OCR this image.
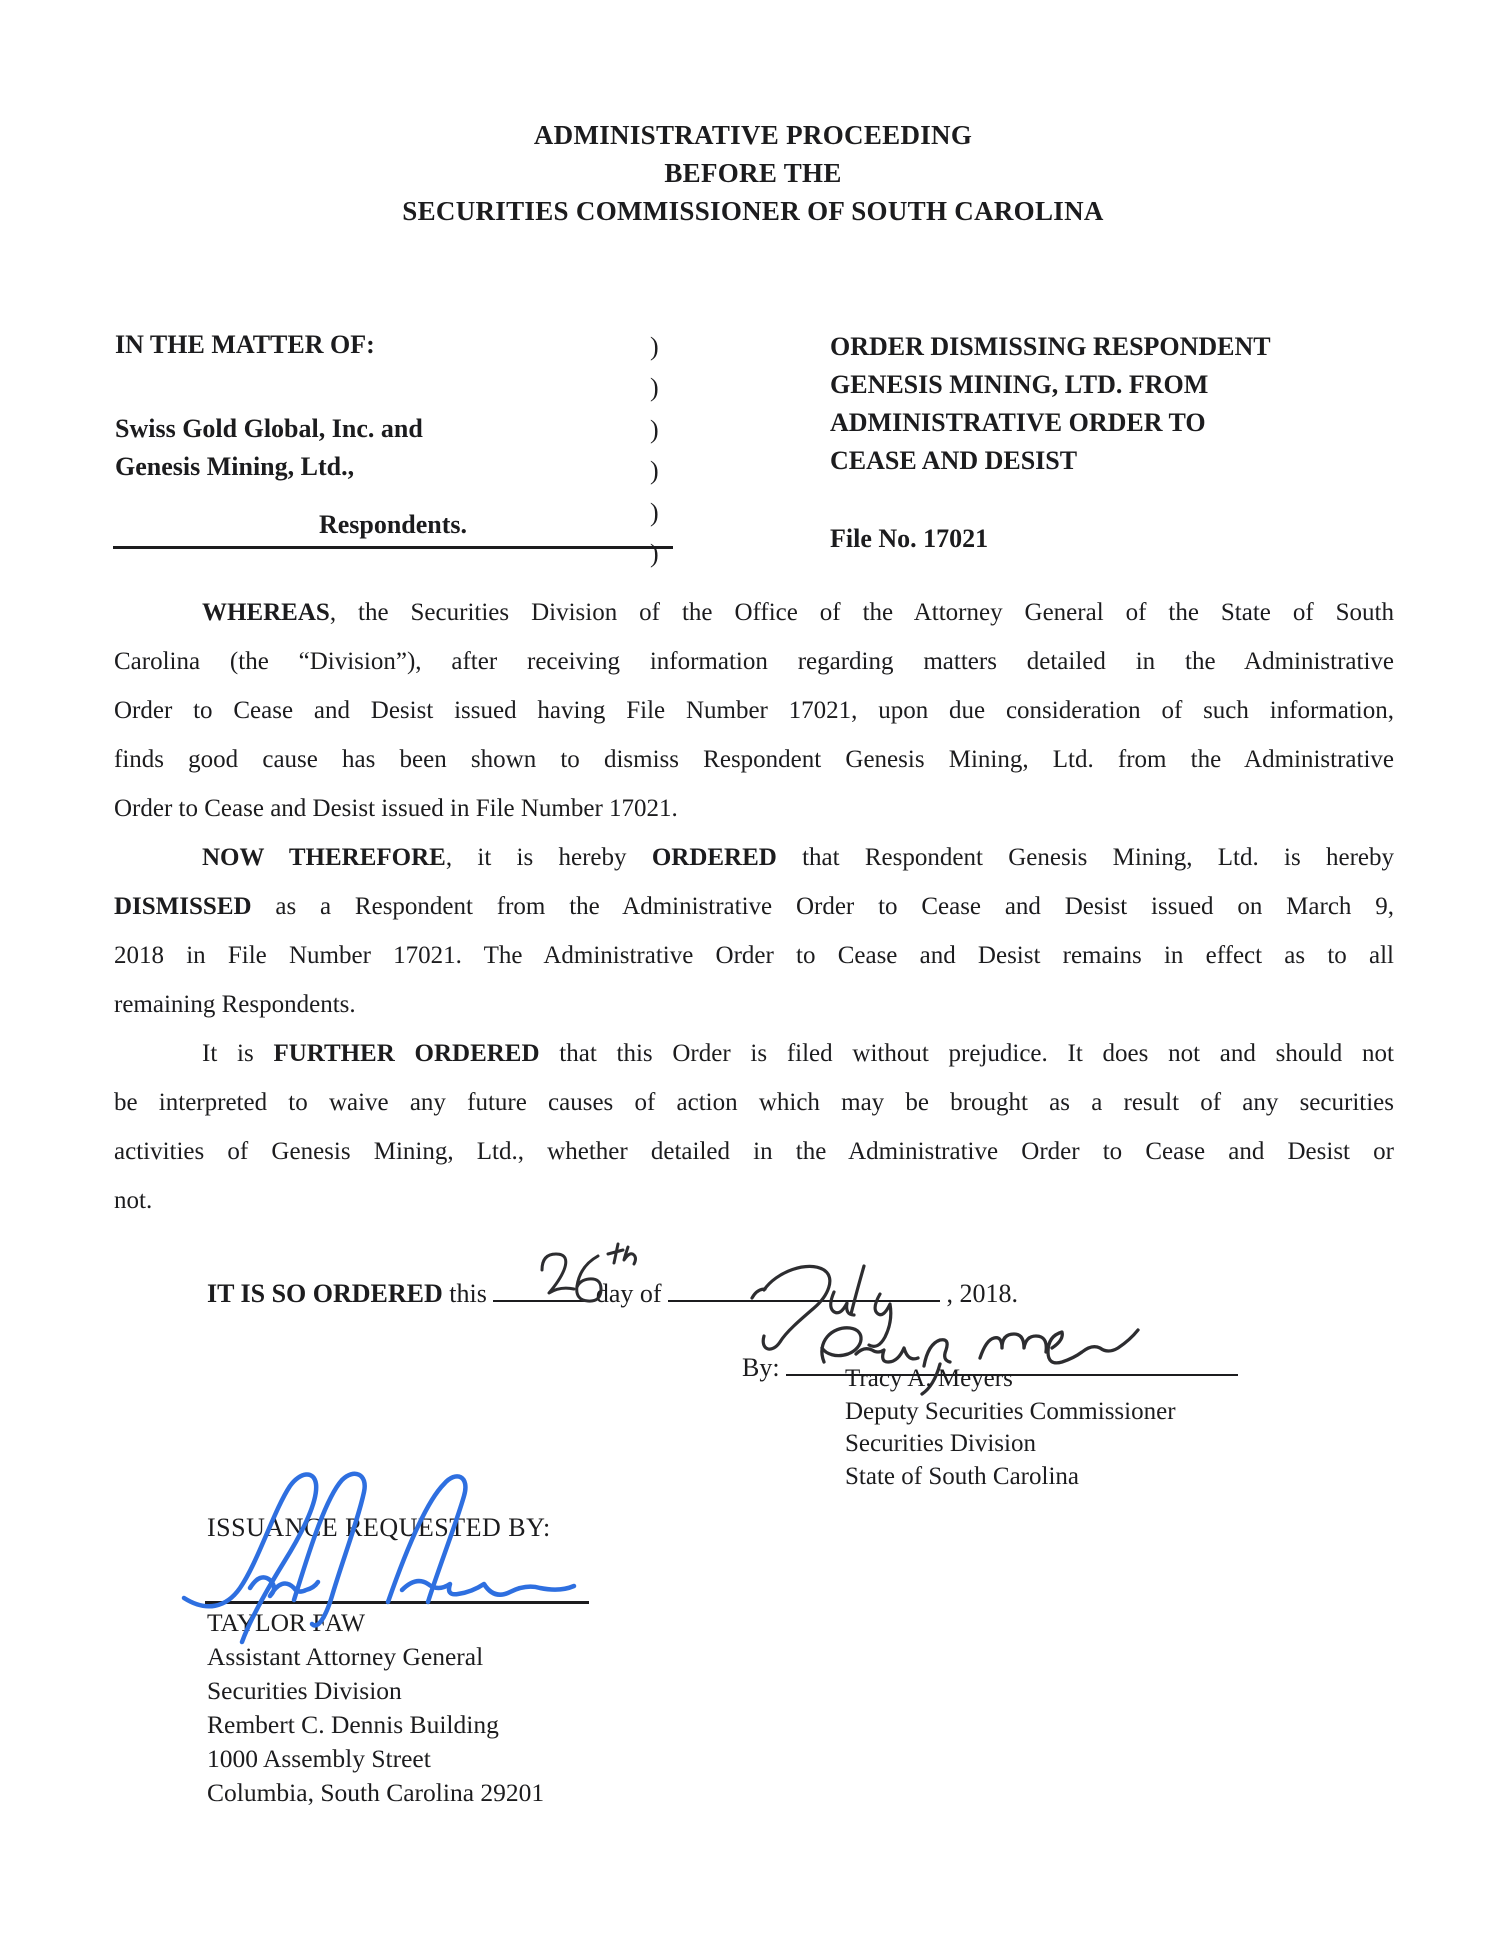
ADMINISTRATIVE PROCEEDING
BEFORE THE
SECURITIES COMMISSIONER OF SOUTH CAROLINA
IN THE MATTER OF:
Swiss Gold Global, Inc. and
Genesis Mining, Ltd.,
Respondents.
)
)
)
)
)
)
ORDER DISMISSING RESPONDENT
GENESIS MINING, LTD. FROM
ADMINISTRATIVE ORDER TO
CEASE AND DESIST
File No. 17021
WHEREAS, the Securities Division of the Office of the Attorney General of the State of South
Carolina (the “Division”), after receiving information regarding matters detailed in the Administrative
Order to Cease and Desist issued having File Number 17021, upon due consideration of such information,
finds good cause has been shown to dismiss Respondent Genesis Mining, Ltd. from the Administrative
Order to Cease and Desist issued in File Number 17021.
NOW THEREFORE, it is hereby ORDERED that Respondent Genesis Mining, Ltd. is hereby
DISMISSED as a Respondent from the Administrative Order to Cease and Desist issued on March 9,
2018 in File Number 17021. The Administrative Order to Cease and Desist remains in effect as to all
remaining Respondents.
It is FURTHER ORDERED that this Order is filed without prejudice. It does not and should not
be interpreted to waive any future causes of action which may be brought as a result of any securities
activities of Genesis Mining, Ltd., whether detailed in the Administrative Order to Cease and Desist or
not.
IT IS SO ORDERED this	day of	, 2018.
By:	Tracy A. Meyers
Deputy Securities Commissioner
Securities Division
State of South Carolina
ISSUANCE REQUESTED BY:
TAYLOR FAW
Assistant Attorney General
Securities Division
Rembert C. Dennis Building
1000 Assembly Street
Columbia, South Carolina 29201
